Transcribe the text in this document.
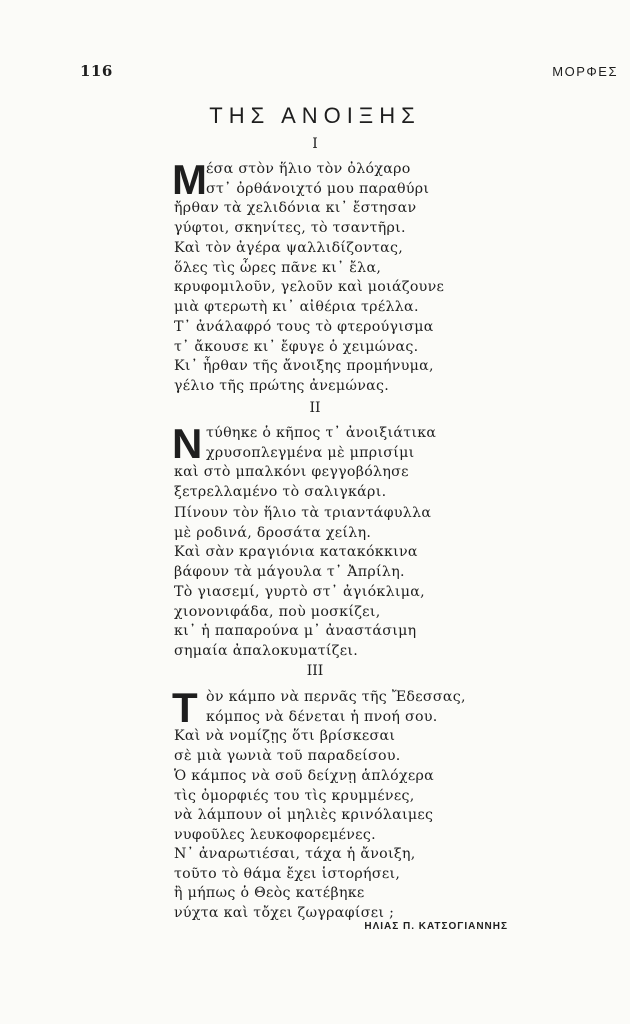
116	ΜΟΡΦΕΣ
ΤΗΣ ΑΝΟΙΞΗΣ
I
Μ έσα στὸν ἥλιο τὸν ὀλόχαρο
στ᾿ ὀρθάνοιχτό μου παραθύρι
ἤρθαν τὰ χελιδόνια κι᾿ ἔστησαν
γύφτοι, σκηνίτες, τὸ τσαντῆρι.
Καὶ τὸν ἀγέρα ψαλλιδίζοντας,
ὅλες τὶς ὧρες πᾶνε κι᾿ ἔλα,
κρυφομιλοῦν, γελοῦν καὶ μοιάζουνε
μιὰ φτερωτὴ κι᾿ αἰθέρια τρέλλα.
Τ᾿ ἀνάλαφρό τους τὸ φτερούγισμα
τ᾿ ἄκουσε κι᾿ ἔφυγε ὁ χειμώνας.
Κι᾿ ἦρθαν τῆς ἄνοιξης προμήνυμα,
γέλιο τῆς πρώτης ἀνεμώνας.
II
Ν τύθηκε ὁ κῆπος τ᾿ ἀνοιξιάτικα
χρυσοπλεγμένα μὲ μπρισίμι
καὶ στὸ μπαλκόνι φεγγοβόλησε
ξετρελλαμένο τὸ σαλιγκάρι.
Πίνουν τὸν ἥλιο τὰ τριαντάφυλλα
μὲ ροδινά, δροσάτα χείλη.
Καὶ σὰν κραγιόνια κατακόκκινα
βάφουν τὰ μάγουλα τ᾿ Ἀπρίλη.
Τὸ γιασεμί, γυρτὸ στ᾿ ἀγιόκλιμα,
χιονονιφάδα, ποὺ μοσκίζει,
κι᾿ ἡ παπαρούνα μ᾿ ἀναστάσιμη
σημαία ἀπαλοκυματίζει.
III
Τ ὸν κάμπο νὰ περνᾶς τῆς Ἔδεσσας,
κόμπος νὰ δένεται ἡ πνοή σου.
Καὶ νὰ νομίζῃς ὅτι βρίσκεσαι
σὲ μιὰ γωνιὰ τοῦ παραδείσου.
Ὁ κάμπος νὰ σοῦ δείχνῃ ἁπλόχερα
τὶς ὀμορφιές του τὶς κρυμμένες,
νὰ λάμπουν οἱ μηλιὲς κρινόλαιμες
νυφοῦλες λευκοφορεμένες.
Ν᾿ ἀναρωτιέσαι, τάχα ἡ ἄνοιξη,
τοῦτο τὸ θάμα ἔχει ἱστορήσει,
ἢ μήπως ὁ Θεὸς κατέβηκε
νύχτα καὶ τὄχει ζωγραφίσει ;
ΗΛΙΑΣ Π. ΚΑΤΣΟΓΙΑΝΝΗΣ
